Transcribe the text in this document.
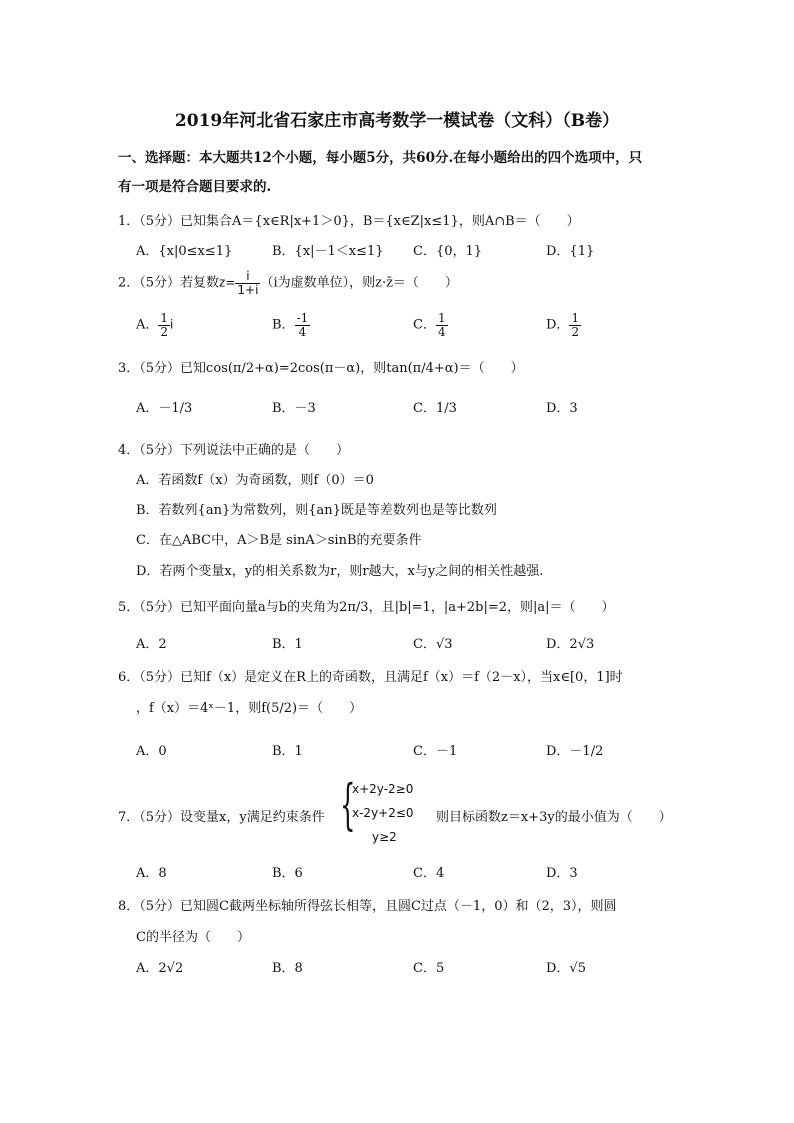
2019年河北省石家庄市高考数学一模试卷（文科）（B卷）
一、选择题：本大题共12个小题，每小题5分，共60分.在每小题给出的四个选项中，只
有一项是符合题目要求的.
1．（5分）已知集合A＝{x∈R|x+1＞0}，B＝{x∈Z|x≤1}，则A∩B＝（　　）
A．{x|0≤x≤1}	B．{x|－1＜x≤1} C．{0，1}	D．{1}
2．（5分）若复数$z= \frac{i}{1+i} (i$为虚数单位），则z·z̄＝（　　）
A． $\frac{1}{2}$ i	B． $\frac{-1}{4}$	C． $\frac{1}{4}$	D． $\frac{1}{2}$
3．（5分）已知cos(π/2+α)=2cos(π－α)，则tan(π/4+α)＝（　　）
A．－1/3	B．－3	C．1/3	D．3
4．（5分）下列说法中正确的是（　　）
A．若函数f（x）为奇函数，则f（0）＝0
B．若数列{an}为常数列，则{an}既是等差数列也是等比数列
C．在△ABC中，A＞B是 sinA＞sinB的充要条件
D．若两个变量x，y的相关系数为r，则r越大，x与y之间的相关性越强.
5．（5分）已知平面向量a与b的夹角为2π/3，且|b|=1，|a+2b|=2，则|a|＝（　　）
A．2	B．1	C．√3	D．2√3
6．（5分）已知f（x）是定义在R上的奇函数，且满足f（x）＝f（2－x），当x∈[0，1]时
，f（x）＝4ˣ－1，则f(5/2)＝（　　）
A．0	B．1	C．－1	D．－1/2
7．（5分）设变量x，y满足约束条件 {
x+2y-2≥0
x-2y+2≤0
y≥2
则目标函数z＝x+3y的最小值为（　　）
A．8	B．6	C．4	D．3
8．（5分）已知圆C截两坐标轴所得弦长相等，且圆C过点（－1，0）和（2，3），则圆
C的半径为（　　）
A．2√2	B．8	C．5	D．√5
